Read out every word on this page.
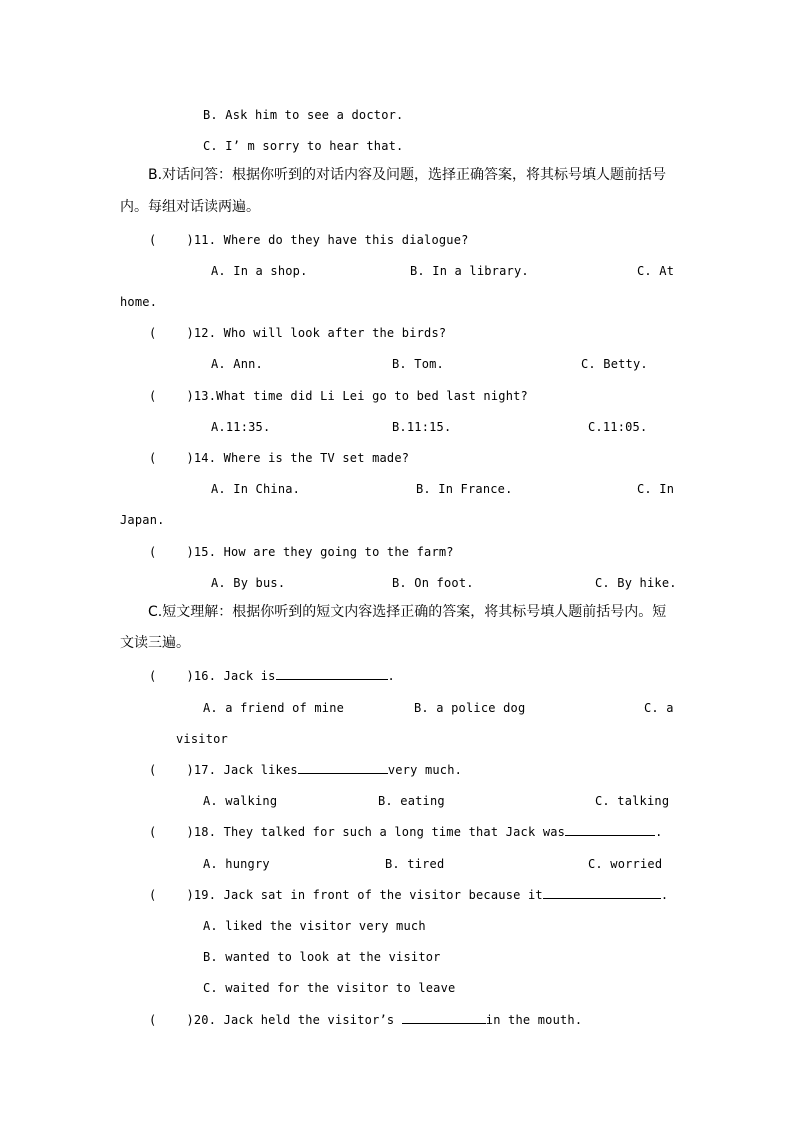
B. Ask him to see a doctor.
C. I’ m sorry to hear that.
B.对话问答：根据你听到的对话内容及问题，选择正确答案，将其标号填人题前括号
内。每组对话读两遍。
(	)11. Where do they have this dialogue?
A. In a shop.	B. In a library.	C. At
home.
(	)12. Who will look after the birds?
A. Ann.	B. Tom.	C. Betty.
(	)13.What time did Li Lei go to bed last night?
A.11:35.	B.11:15.	C.11:05.
(	)14. Where is the TV set made?
A. In China.	B. In France.	C. In
Japan.
(	)15. How are they going to the farm?
A. By bus.	B. On foot.	C. By hike.
C.短文理解：根据你听到的短文内容选择正确的答案，将其标号填人题前括号内。短
文读三遍。
(	)16. Jack is	.
A. a friend of mine	B. a police dog	C. a
visitor
(	)17. Jack likes	very much.
A. walking	B. eating	C. talking
(	)18. They talked for such a long time that Jack was	.
A. hungry	B. tired	C. worried
(	)19. Jack sat in front of the visitor because it	.
A. liked the visitor very much
B. wanted to look at the visitor
C. waited for the visitor to leave
(	)20. Jack held the visitor’s	in the mouth.
